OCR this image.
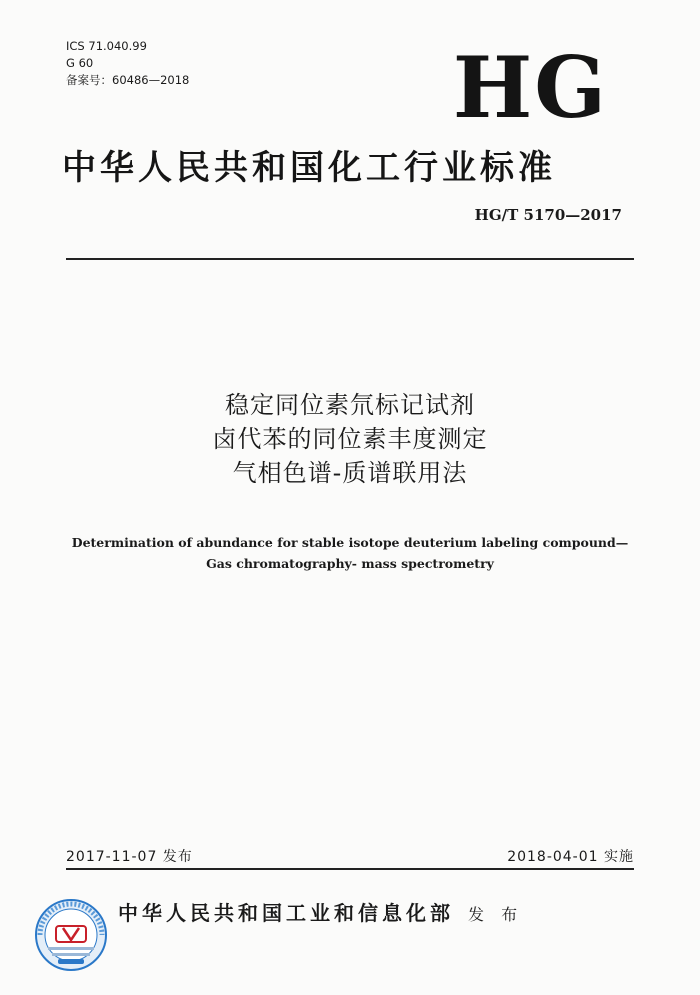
ICS 71.040.99
G 60
备案号：60486—2018	HG
中华人民共和国化工行业标准
HG/T 5170—2017
稳定同位素氘标记试剂
卤代苯的同位素丰度测定
气相色谱-质谱联用法
Determination of abundance for stable isotope deuterium labeling compound—
Gas chromatography- mass spectrometry
2017-11-07 发布	2018-04-01 实施
中华人民共和国工业和信息化部 发 布
